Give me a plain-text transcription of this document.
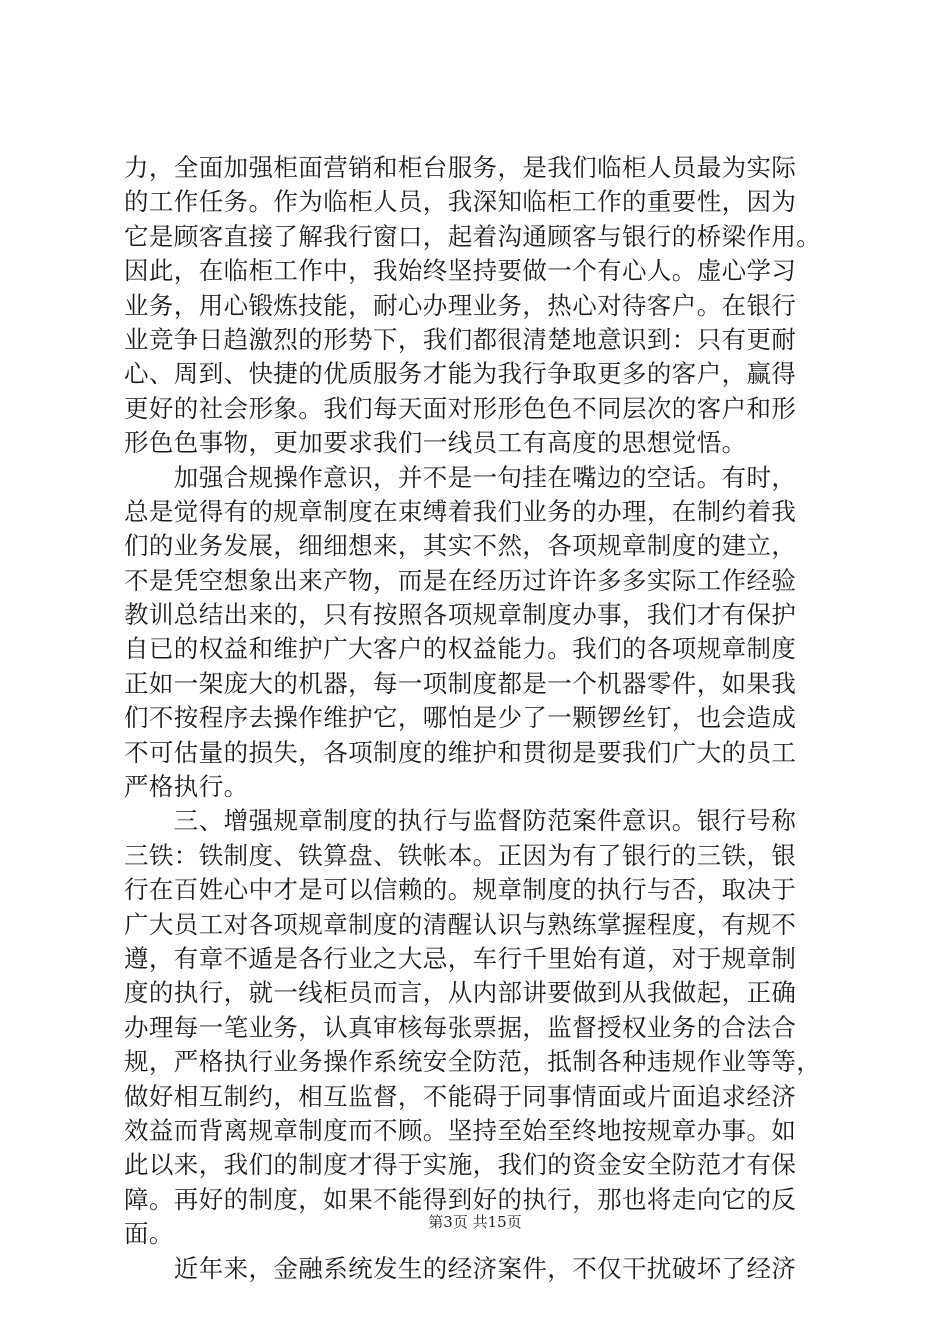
力，全面加强柜面营销和柜台服务，是我们临柜人员最为实际
的工作任务。作为临柜人员，我深知临柜工作的重要性，因为
它是顾客直接了解我行窗口，起着沟通顾客与银行的桥梁作用。
因此，在临柜工作中，我始终坚持要做一个有心人。虚心学习
业务，用心锻炼技能，耐心办理业务，热心对待客户。在银行
业竞争日趋激烈的形势下，我们都很清楚地意识到：只有更耐
心、周到、快捷的优质服务才能为我行争取更多的客户，赢得
更好的社会形象。我们每天面对形形色色不同层次的客户和形
形色色事物，更加要求我们一线员工有高度的思想觉悟。
　　加强合规操作意识，并不是一句挂在嘴边的空话。有时，
总是觉得有的规章制度在束缚着我们业务的办理，在制约着我
们的业务发展，细细想来，其实不然，各项规章制度的建立，
不是凭空想象出来产物，而是在经历过许许多多实际工作经验
教训总结出来的，只有按照各项规章制度办事，我们才有保护
自已的权益和维护广大客户的权益能力。我们的各项规章制度
正如一架庞大的机器，每一项制度都是一个机器零件，如果我
们不按程序去操作维护它，哪怕是少了一颗锣丝钉，也会造成
不可估量的损失，各项制度的维护和贯彻是要我们广大的员工
严格执行。
　　三、增强规章制度的执行与监督防范案件意识。银行号称
三铁：铁制度、铁算盘、铁帐本。正因为有了银行的三铁，银
行在百姓心中才是可以信赖的。规章制度的执行与否，取决于
广大员工对各项规章制度的清醒认识与熟练掌握程度，有规不
遵，有章不遁是各行业之大忌，车行千里始有道，对于规章制
度的执行，就一线柜员而言，从内部讲要做到从我做起，正确
办理每一笔业务，认真审核每张票据，监督授权业务的合法合
规，严格执行业务操作系统安全防范，抵制各种违规作业等等，
做好相互制约，相互监督，不能碍于同事情面或片面追求经济
效益而背离规章制度而不顾。坚持至始至终地按规章办事。如
此以来，我们的制度才得于实施，我们的资金安全防范才有保
障。再好的制度，如果不能得到好的执行，那也将走向它的反
面。
　　近年来，金融系统发生的经济案件，不仅干扰破坏了经济
第3页 共15页
